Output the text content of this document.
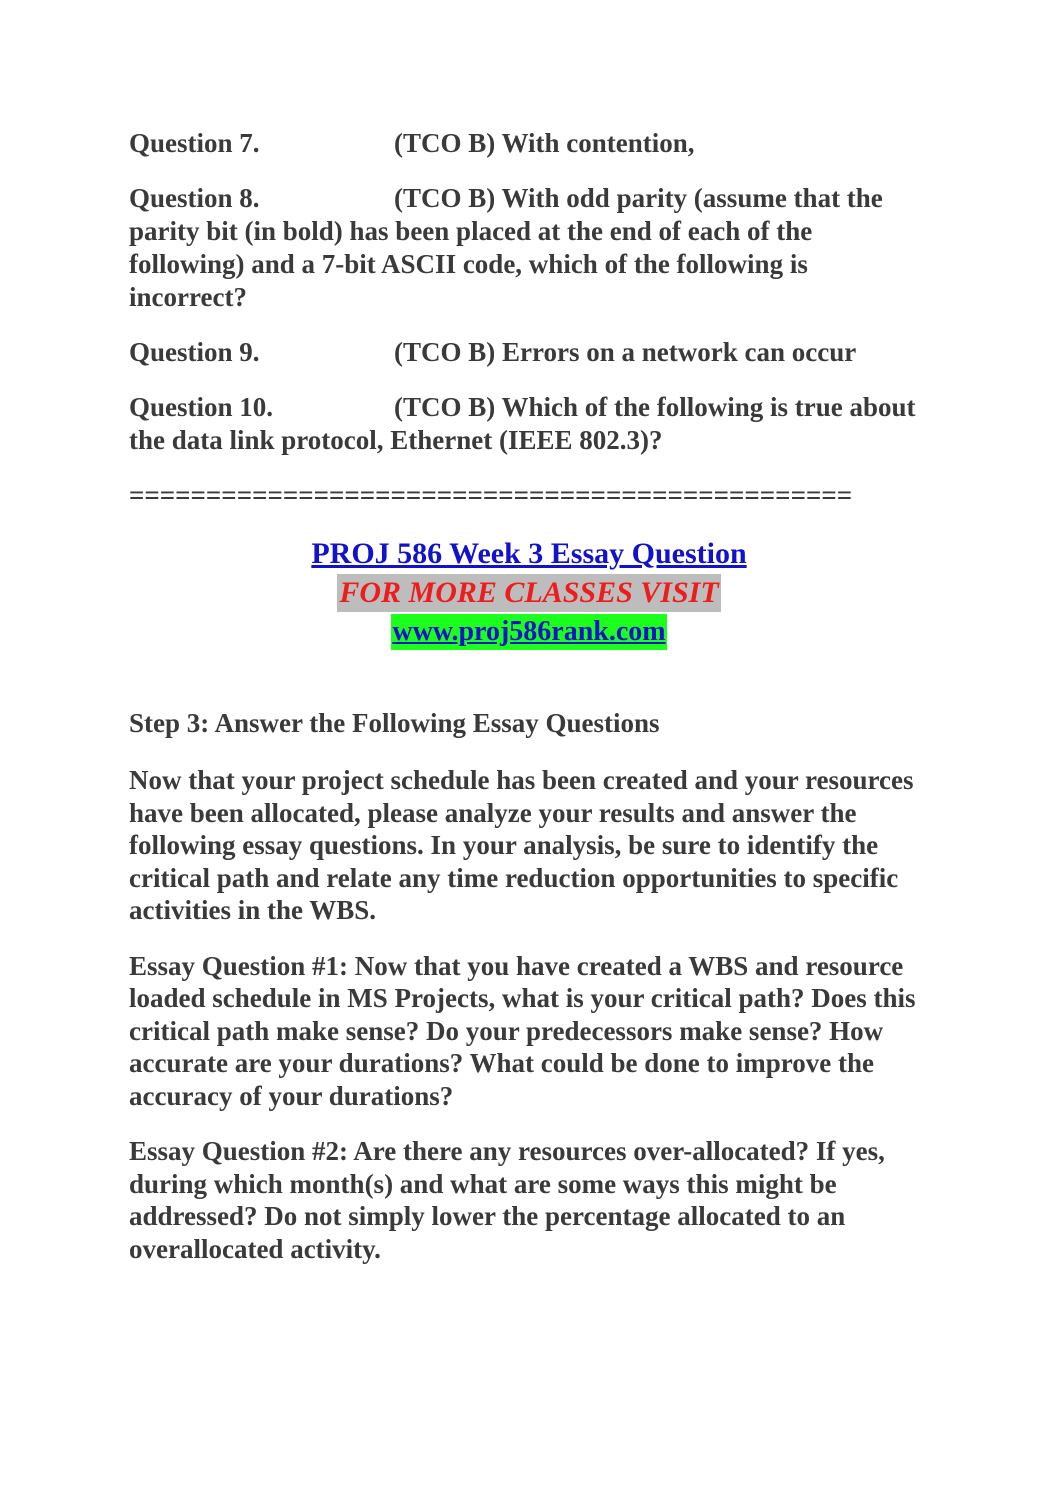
Question 7.	(TCO B) With contention,
Question 8.	(TCO B) With odd parity (assume that the parity bit (in bold) has been placed at the end of each of the following) and a 7-bit ASCII code, which of the following is incorrect?
Question 9.	(TCO B) Errors on a network can occur
Question 10.	(TCO B) Which of the following is true about the data link protocol, Ethernet (IEEE 802.3)?
===============================================
PROJ 586 Week 3 Essay Question
FOR MORE CLASSES VISIT
www.proj586rank.com
Step 3: Answer the Following Essay Questions
Now that your project schedule has been created and your resources have been allocated, please analyze your results and answer the following essay questions. In your analysis, be sure to identify the critical path and relate any time reduction opportunities to specific activities in the WBS.
Essay Question #1: Now that you have created a WBS and resource loaded schedule in MS Projects, what is your critical path? Does this critical path make sense? Do your predecessors make sense? How accurate are your durations? What could be done to improve the accuracy of your durations?
Essay Question #2: Are there any resources over-allocated? If yes, during which month(s) and what are some ways this might be addressed? Do not simply lower the percentage allocated to an overallocated activity.
